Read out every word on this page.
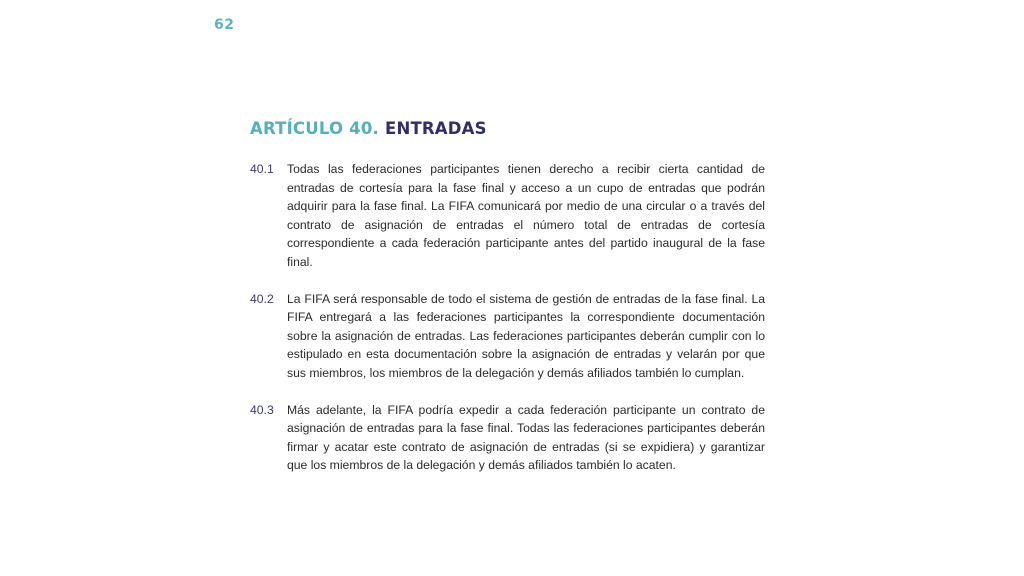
62
ARTÍCULO 40. ENTRADAS
40.1	Todas las federaciones participantes tienen derecho a recibir cierta cantidad de entradas de cortesía para la fase final y acceso a un cupo de entradas que podrán adquirir para la fase final. La FIFA comunicará por medio de una circular o a través del contrato de asignación de entradas el número total de entradas de cortesía correspondiente a cada federación participante antes del partido inaugural de la fase final.
40.2	La FIFA será responsable de todo el sistema de gestión de entradas de la fase final. La FIFA entregará a las federaciones participantes la correspondiente documentación sobre la asignación de entradas. Las federaciones participantes deberán cumplir con lo estipulado en esta documentación sobre la asignación de entradas y velarán por que sus miembros, los miembros de la delegación y demás afiliados también lo cumplan.
40.3	Más adelante, la FIFA podría expedir a cada federación participante un contrato de asignación de entradas para la fase final. Todas las federaciones participantes deberán firmar y acatar este contrato de asignación de entradas (si se expidiera) y garantizar que los miembros de la delegación y demás afiliados también lo acaten.
